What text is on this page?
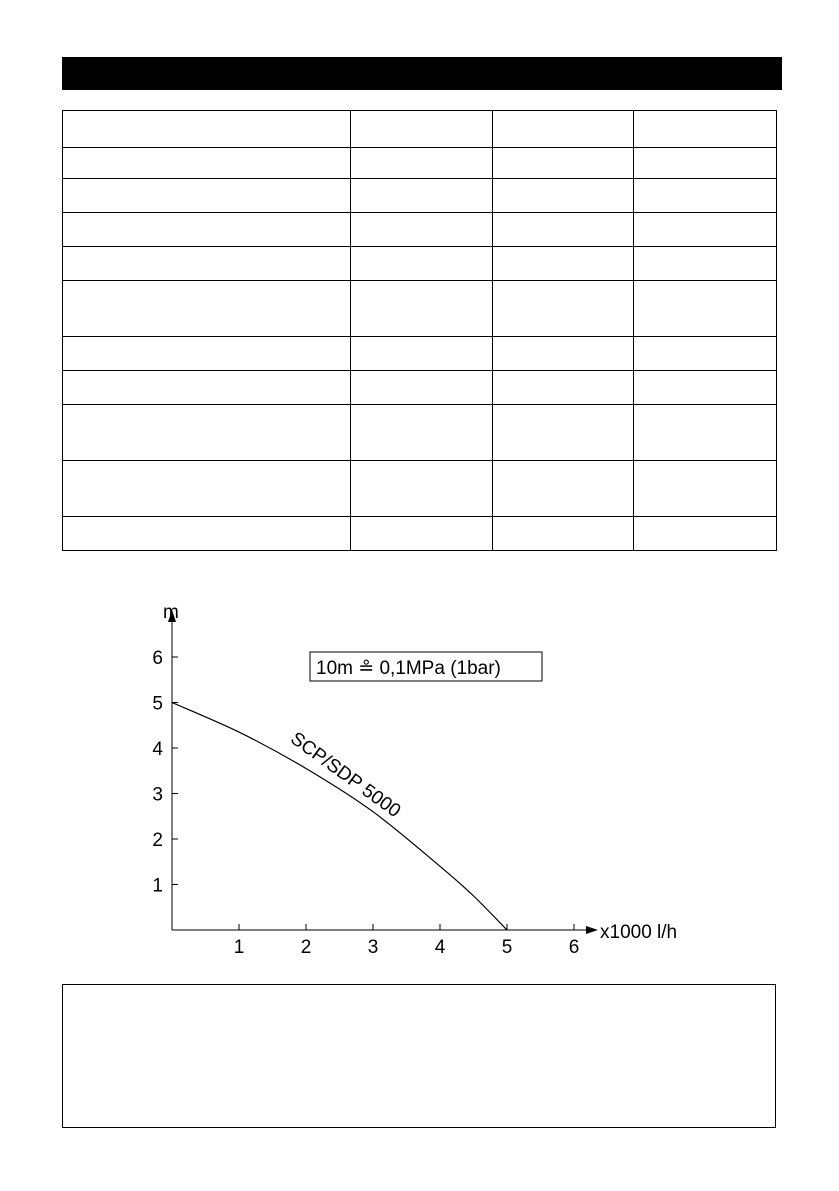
m
x1000 l/h
1	2	3	4	5	6
1
2
3
4
5
6
SCP/SDP 5000
10m ≗ 0,1MPa (1bar)
